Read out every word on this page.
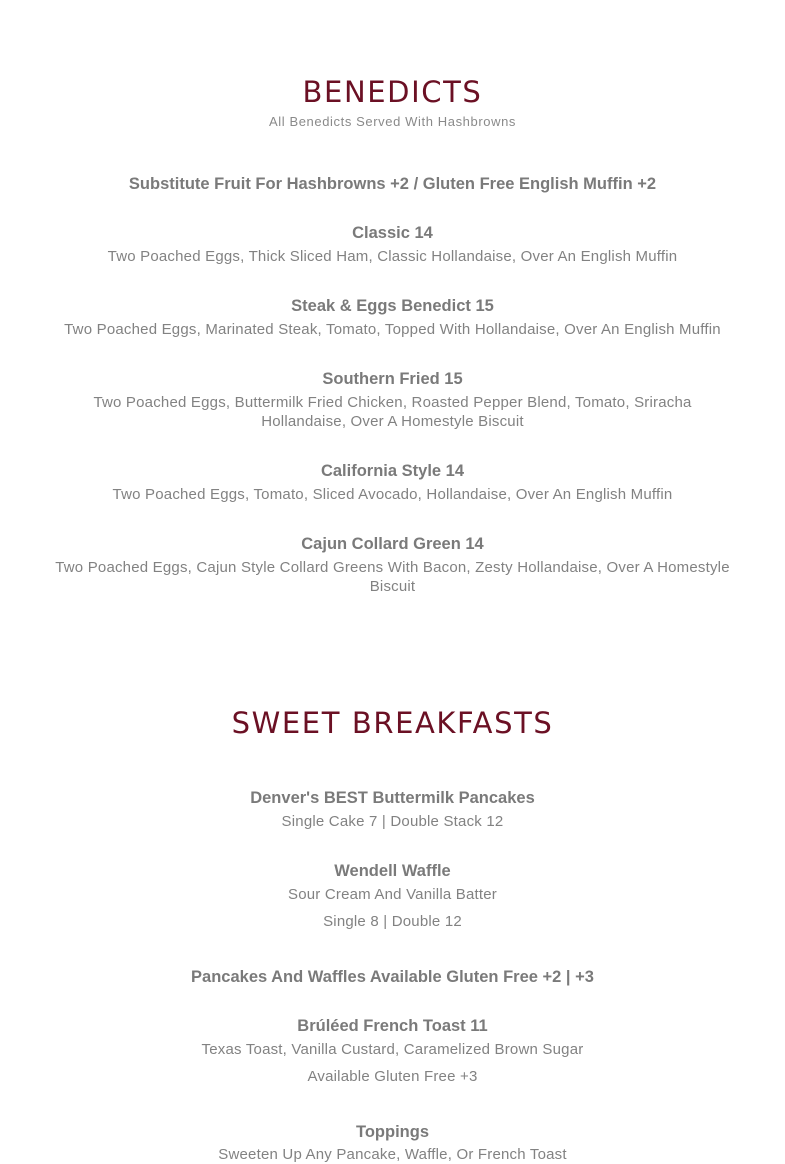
BENEDICTS
All Benedicts Served With Hashbrowns
Substitute Fruit For Hashbrowns +2 / Gluten Free English Muffin +2
Classic 14
Two Poached Eggs, Thick Sliced Ham, Classic Hollandaise, Over An English Muffin
Steak & Eggs Benedict 15
Two Poached Eggs, Marinated Steak, Tomato, Topped With Hollandaise, Over An English Muffin
Southern Fried 15
Two Poached Eggs, Buttermilk Fried Chicken, Roasted Pepper Blend, Tomato, Sriracha Hollandaise, Over A Homestyle Biscuit
California Style 14
Two Poached Eggs, Tomato, Sliced Avocado, Hollandaise, Over An English Muffin
Cajun Collard Green 14
Two Poached Eggs, Cajun Style Collard Greens With Bacon, Zesty Hollandaise, Over A Homestyle Biscuit
SWEET BREAKFASTS
Denver's BEST Buttermilk Pancakes
Single Cake 7 | Double Stack 12
Wendell Waffle
Sour Cream And Vanilla Batter
Single 8 | Double 12
Pancakes And Waffles Available Gluten Free +2 | +3
Brúléed French Toast 11
Texas Toast, Vanilla Custard, Caramelized Brown Sugar
Available Gluten Free +3
Toppings
Sweeten Up Any Pancake, Waffle, Or French Toast
